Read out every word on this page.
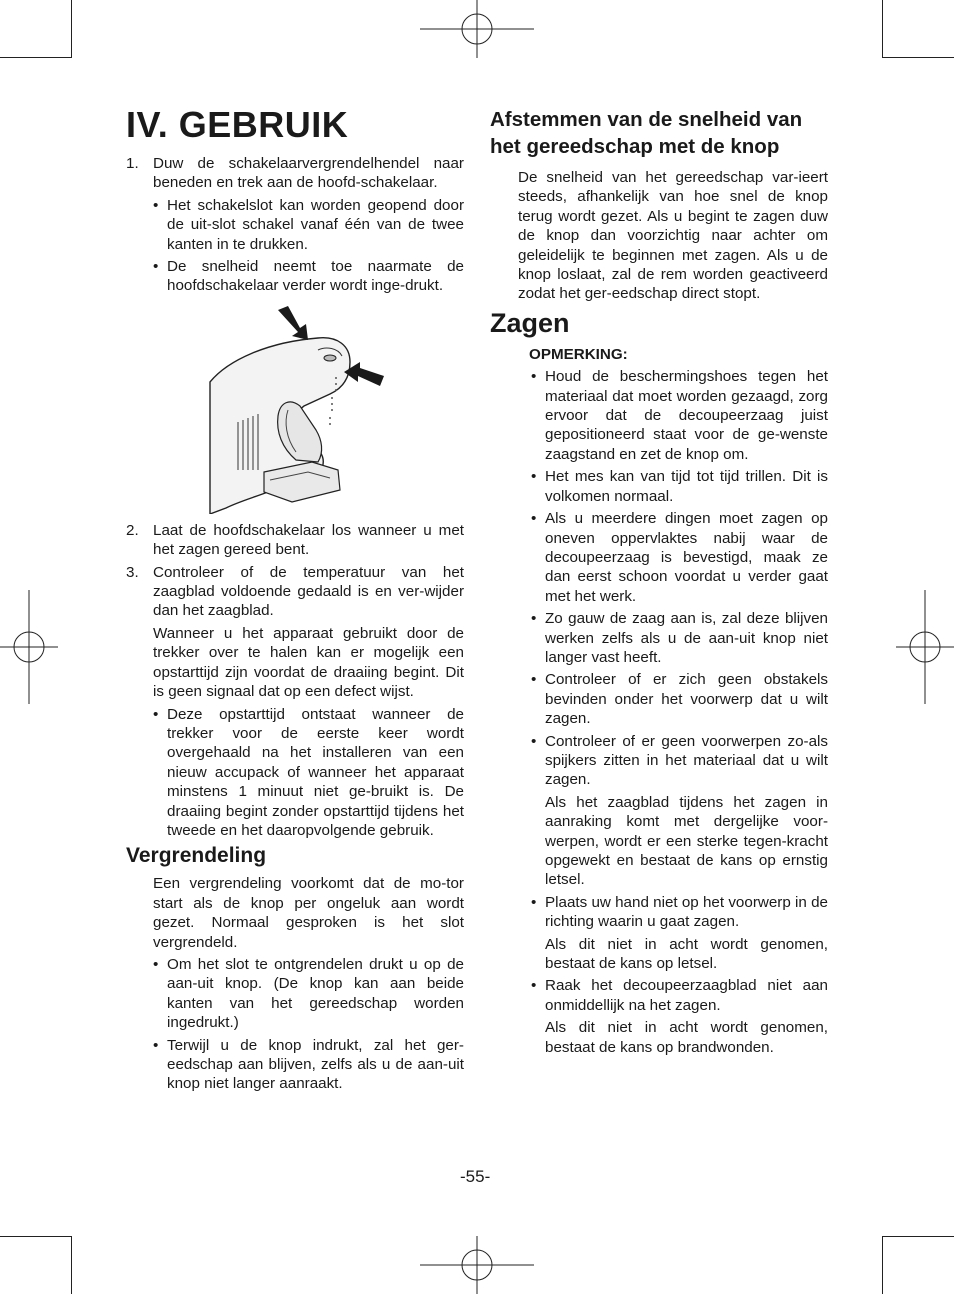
IV. GEBRUIK
1. Duw de schakelaarvergrendelhendel naar beneden en trek aan de hoofd-schakelaar.
• Het schakelslot kan worden geopend door de uit-slot schakel vanaf één van de twee kanten in te drukken.
• De snelheid neemt toe naarmate de hoofdschakelaar verder wordt inge-drukt.
2. Laat de hoofdschakelaar los wanneer u met het zagen gereed bent.
3. Controleer of de temperatuur van het zaagblad voldoende gedaald is en ver-wijder dan het zaagblad.
Wanneer u het apparaat gebruikt door de trekker over te halen kan er mogelijk een opstarttijd zijn voordat de draaiing begint. Dit is geen signaal dat op een defect wijst.
• Deze opstarttijd ontstaat wanneer de trekker voor de eerste keer wordt overgehaald na het installeren van een nieuw accupack of wanneer het apparaat minstens 1 minuut niet ge-bruikt is. De draaiing begint zonder opstarttijd tijdens het tweede en het daaropvolgende gebruik.
Vergrendeling
Een vergrendeling voorkomt dat de mo-tor start als de knop per ongeluk aan wordt gezet. Normaal gesproken is het slot vergrendeld.
• Om het slot te ontgrendelen drukt u op de aan-uit knop. (De knop kan aan beide kanten van het gereedschap worden ingedrukt.)
• Terwijl u de knop indrukt, zal het ger-eedschap aan blijven, zelfs als u de aan-uit knop niet langer aanraakt.
Afstemmen van de snelheid van het gereedschap met de knop
De snelheid van het gereedschap var-ieert steeds, afhankelijk van hoe snel de knop terug wordt gezet. Als u begint te zagen duw de knop dan voorzichtig naar achter om geleidelijk te beginnen met zagen. Als u de knop loslaat, zal de rem worden geactiveerd zodat het ger-eedschap direct stopt.
Zagen
OPMERKING:
• Houd de beschermingshoes tegen het materiaal dat moet worden gezaagd, zorg ervoor dat de decoupeerzaag juist gepositioneerd staat voor de ge-wenste zaagstand en zet de knop om.
• Het mes kan van tijd tot tijd trillen. Dit is volkomen normaal.
• Als u meerdere dingen moet zagen op oneven oppervlaktes nabij waar de decoupeerzaag is bevestigd, maak ze dan eerst schoon voordat u verder gaat met het werk.
• Zo gauw de zaag aan is, zal deze blijven werken zelfs als u de aan-uit knop niet langer vast heeft.
• Controleer of er zich geen obstakels bevinden onder het voorwerp dat u wilt zagen.
• Controleer of er geen voorwerpen zo-als spijkers zitten in het materiaal dat u wilt zagen.
Als het zaagblad tijdens het zagen in aanraking komt met dergelijke voor-werpen, wordt er een sterke tegen-kracht opgewekt en bestaat de kans op ernstig letsel.
• Plaats uw hand niet op het voorwerp in de richting waarin u gaat zagen.
Als dit niet in acht wordt genomen, bestaat de kans op letsel.
• Raak het decoupeerzaagblad niet aan onmiddellijk na het zagen.
Als dit niet in acht wordt genomen, bestaat de kans op brandwonden.
-55-
